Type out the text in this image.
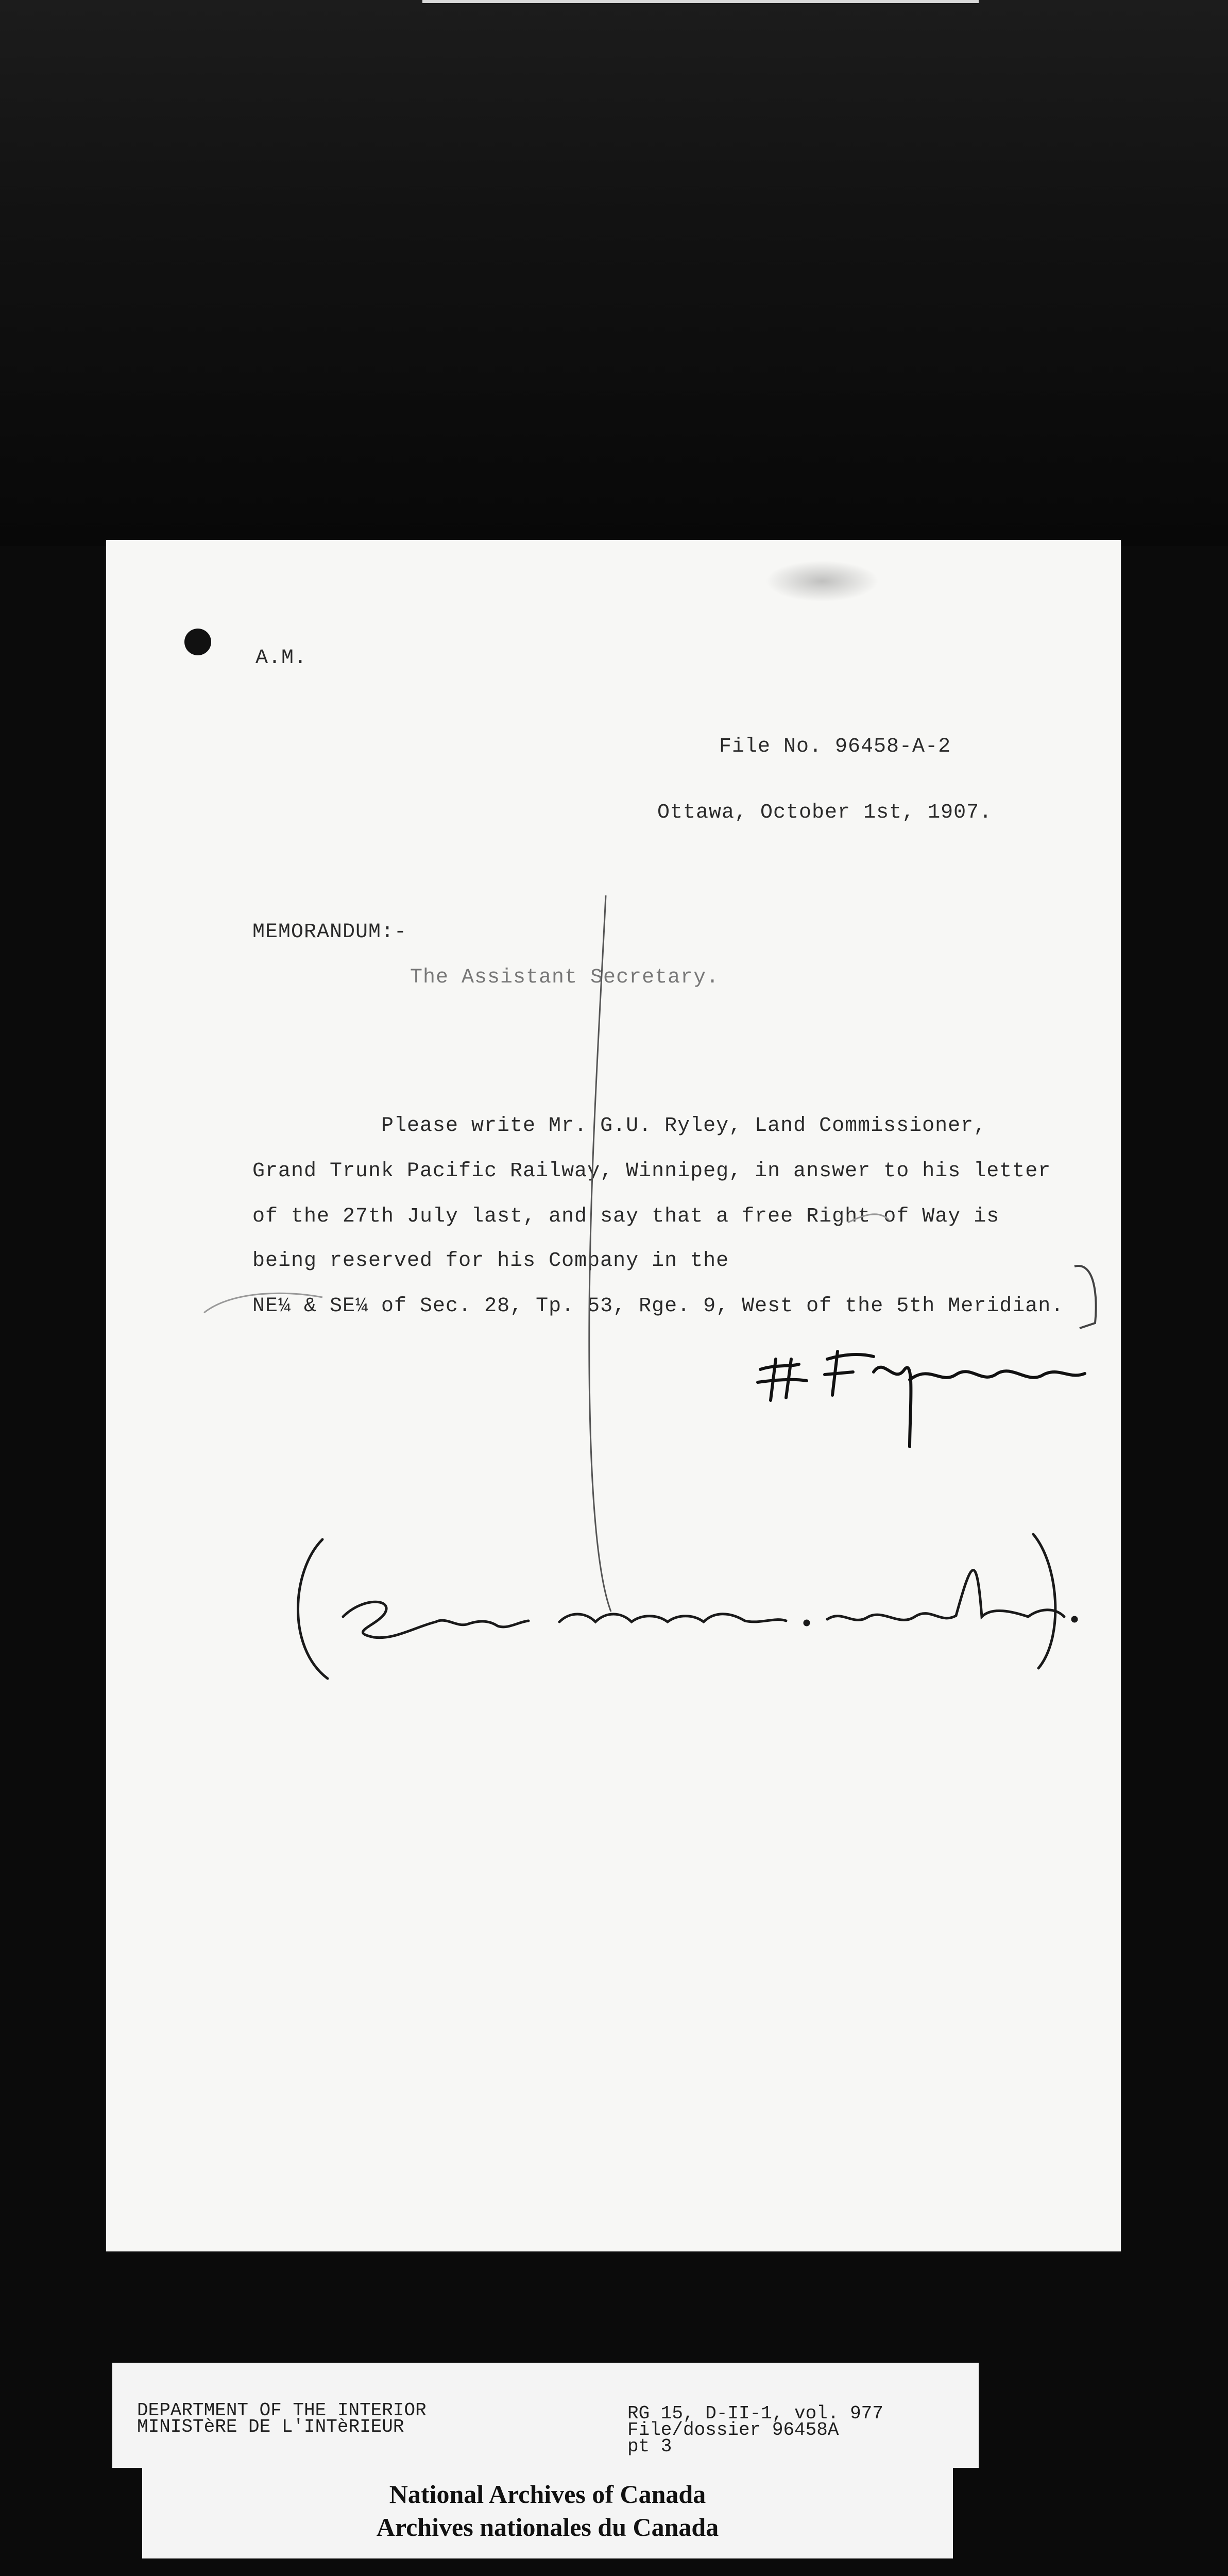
A.M.
File No. 96458-A-2
Ottawa, October 1st, 1907.
MEMORANDUM:-
The Assistant Secretary.
Please write Mr. G.U. Ryley, Land Commissioner,
Grand Trunk Pacific Railway, Winnipeg, in answer to his letter
of the 27th July last, and say that a free Right of Way is
being reserved for his Company in the
NE¼ & SE¼ of Sec. 28, Tp. 53, Rge. 9, West of the 5th Meridian.
DEPARTMENT OF THE INTERIOR
MINISTèRE DE L'INTèRIEUR
RG 15, D-II-1, vol. 977
File/dossier 96458A
pt 3
National Archives of Canada
Archives nationales du Canada
